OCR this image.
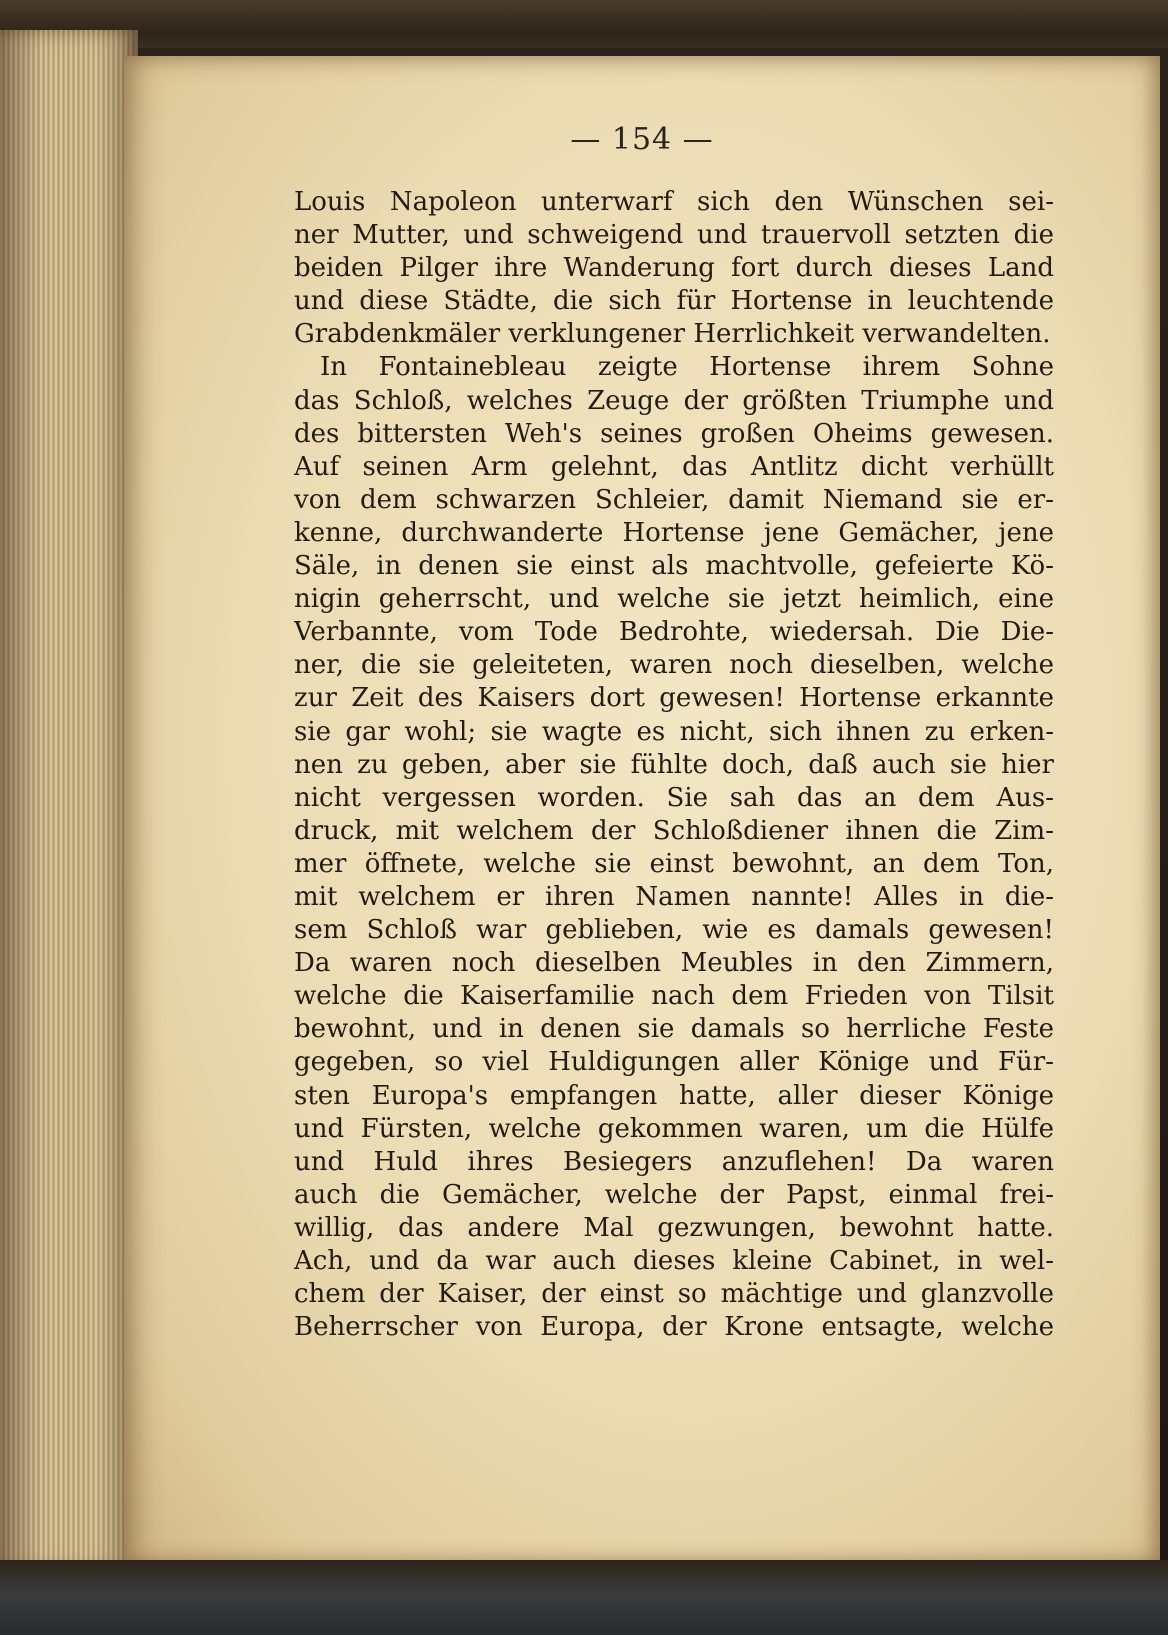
— 154 —
Louis Napoleon unterwarf sich den Wünschen sei-
ner Mutter, und schweigend und trauervoll setzten die
beiden Pilger ihre Wanderung fort durch dieses Land
und diese Städte, die sich für Hortense in leuchtende
Grabdenkmäler verklungener Herrlichkeit verwandelten.
In Fontainebleau zeigte Hortense ihrem Sohne
das Schloß, welches Zeuge der größten Triumphe und
des bittersten Weh's seines großen Oheims gewesen.
Auf seinen Arm gelehnt, das Antlitz dicht verhüllt
von dem schwarzen Schleier, damit Niemand sie er-
kenne, durchwanderte Hortense jene Gemächer, jene
Säle, in denen sie einst als machtvolle, gefeierte Kö-
nigin geherrscht, und welche sie jetzt heimlich, eine
Verbannte, vom Tode Bedrohte, wiedersah. Die Die-
ner, die sie geleiteten, waren noch dieselben, welche
zur Zeit des Kaisers dort gewesen! Hortense erkannte
sie gar wohl; sie wagte es nicht, sich ihnen zu erken-
nen zu geben, aber sie fühlte doch, daß auch sie hier
nicht vergessen worden. Sie sah das an dem Aus-
druck, mit welchem der Schloßdiener ihnen die Zim-
mer öffnete, welche sie einst bewohnt, an dem Ton,
mit welchem er ihren Namen nannte! Alles in die-
sem Schloß war geblieben, wie es damals gewesen!
Da waren noch dieselben Meubles in den Zimmern,
welche die Kaiserfamilie nach dem Frieden von Tilsit
bewohnt, und in denen sie damals so herrliche Feste
gegeben, so viel Huldigungen aller Könige und Für-
sten Europa's empfangen hatte, aller dieser Könige
und Fürsten, welche gekommen waren, um die Hülfe
und Huld ihres Besiegers anzuflehen! Da waren
auch die Gemächer, welche der Papst, einmal frei-
willig, das andere Mal gezwungen, bewohnt hatte.
Ach, und da war auch dieses kleine Cabinet, in wel-
chem der Kaiser, der einst so mächtige und glanzvolle
Beherrscher von Europa, der Krone entsagte, welche
